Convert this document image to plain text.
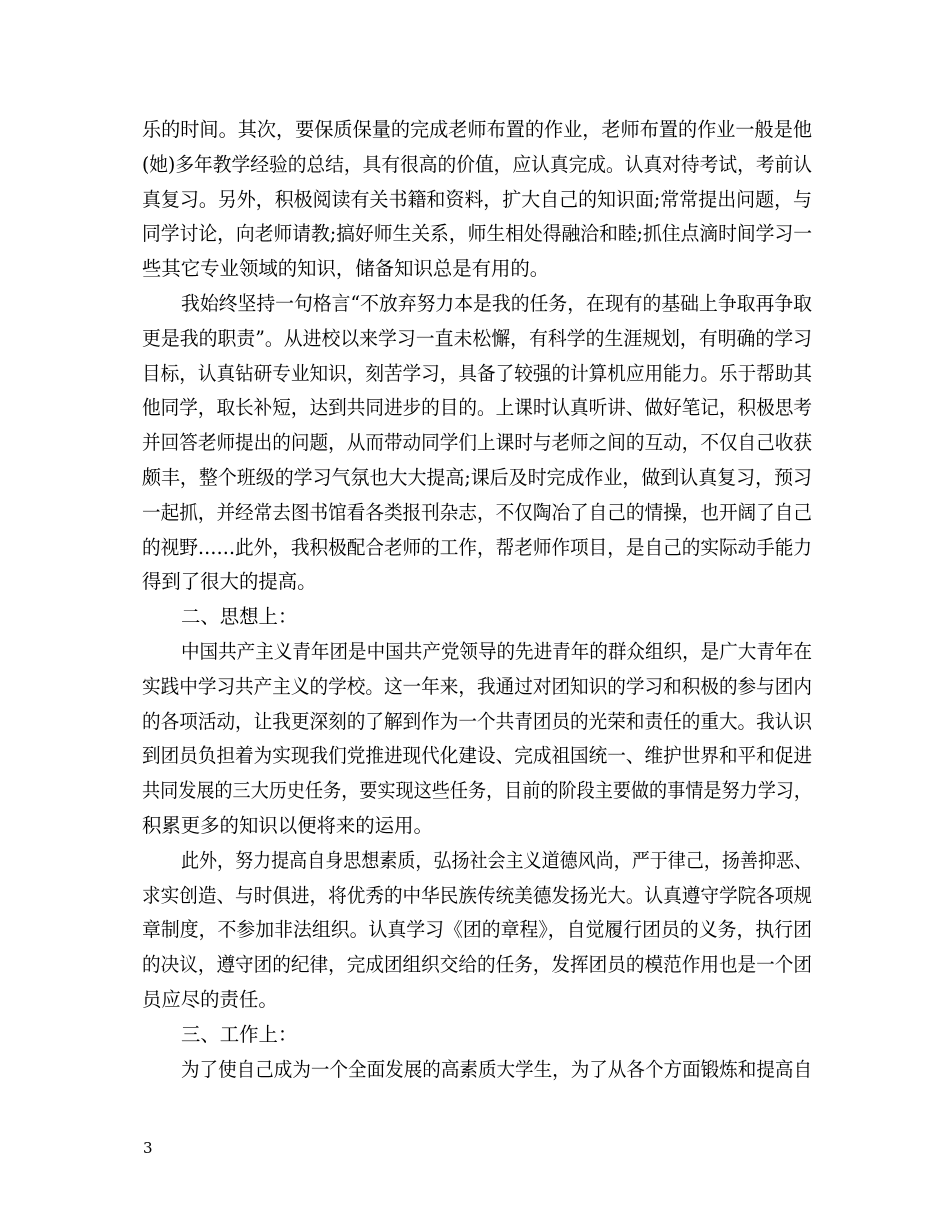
乐的时间。其次，要保质保量的完成老师布置的作业，老师布置的作业一般是他
(她)多年教学经验的总结，具有很高的价值，应认真完成。认真对待考试，考前认
真复习。另外，积极阅读有关书籍和资料，扩大自己的知识面;常常提出问题，与
同学讨论，向老师请教;搞好师生关系，师生相处得融洽和睦;抓住点滴时间学习一
些其它专业领域的知识，储备知识总是有用的。
我始终坚持一句格言“不放弃努力本是我的任务，在现有的基础上争取再争取
更是我的职责”。从进校以来学习一直未松懈，有科学的生涯规划，有明确的学习
目标，认真钻研专业知识，刻苦学习，具备了较强的计算机应用能力。乐于帮助其
他同学，取长补短，达到共同进步的目的。上课时认真听讲、做好笔记，积极思考
并回答老师提出的问题，从而带动同学们上课时与老师之间的互动，不仅自己收获
颇丰，整个班级的学习气氛也大大提高;课后及时完成作业，做到认真复习，预习
一起抓，并经常去图书馆看各类报刊杂志，不仅陶冶了自己的情操，也开阔了自己
的视野……此外，我积极配合老师的工作，帮老师作项目，是自己的实际动手能力
得到了很大的提高。
二、思想上：
中国共产主义青年团是中国共产党领导的先进青年的群众组织，是广大青年在
实践中学习共产主义的学校。这一年来，我通过对团知识的学习和积极的参与团内
的各项活动，让我更深刻的了解到作为一个共青团员的光荣和责任的重大。我认识
到团员负担着为实现我们党推进现代化建设、完成祖国统一、维护世界和平和促进
共同发展的三大历史任务，要实现这些任务，目前的阶段主要做的事情是努力学习，
积累更多的知识以便将来的运用。
此外，努力提高自身思想素质，弘扬社会主义道德风尚，严于律己，扬善抑恶、
求实创造、与时俱进，将优秀的中华民族传统美德发扬光大。认真遵守学院各项规
章制度，不参加非法组织。认真学习《团的章程》，自觉履行团员的义务，执行团
的决议，遵守团的纪律，完成团组织交给的任务，发挥团员的模范作用也是一个团
员应尽的责任。
三、工作上：
为了使自己成为一个全面发展的高素质大学生，为了从各个方面锻炼和提高自
3
